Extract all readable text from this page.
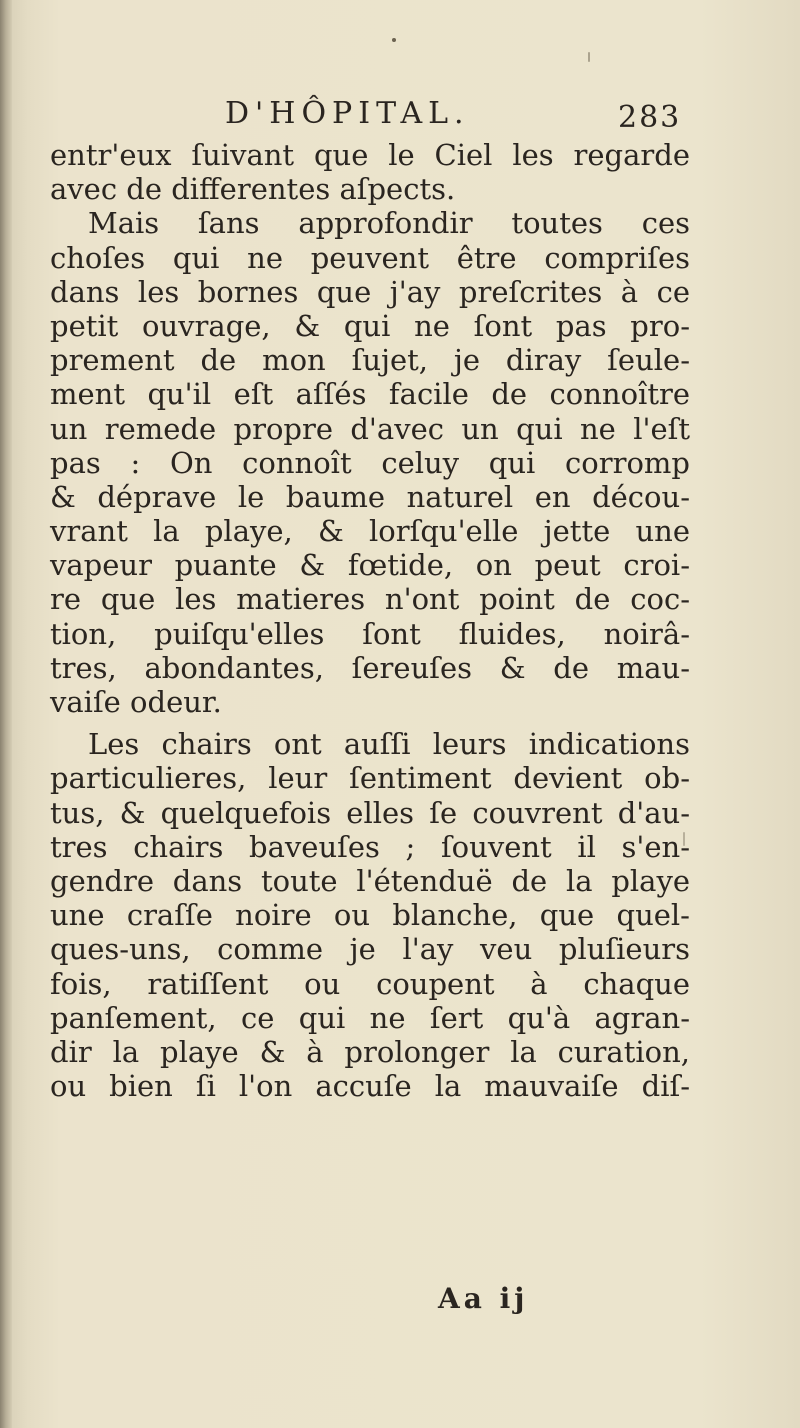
D'HÔPITAL.	283
entr'eux ſuivant que le Ciel les regarde
avec de differentes aſpects.
Mais ſans approfondir toutes ces
choſes qui ne peuvent être compriſes
dans les bornes que j'ay preſcrites à ce
petit ouvrage, & qui ne ſont pas pro-
prement de mon ſujet, je diray ſeule-
ment qu'il eſt aſſés facile de connoître
un remede propre d'avec un qui ne l'eſt
pas : On connoît celuy qui corromp
& déprave le baume naturel en décou-
vrant la playe, & lorſqu'elle jette une
vapeur puante & fœtide, on peut croi-
re que les matieres n'ont point de coc-
tion, puiſqu'elles ſont fluides, noirâ-
tres, abondantes, ſereuſes & de mau-
vaiſe odeur.
Les chairs ont auſſi leurs indications
particulieres, leur ſentiment devient ob-
tus, & quelquefois elles ſe couvrent d'au-
tres chairs baveuſes ; ſouvent il s'en-
gendre dans toute l'étenduë de la playe
une craſſe noire ou blanche, que quel-
ques-uns, comme je l'ay veu pluſieurs
fois, ratiſſent ou coupent à chaque
panſement, ce qui ne ſert qu'à agran-
dir la playe & à prolonger la curation,
ou bien ſi l'on accuſe la mauvaiſe diſ-
Aa ij
